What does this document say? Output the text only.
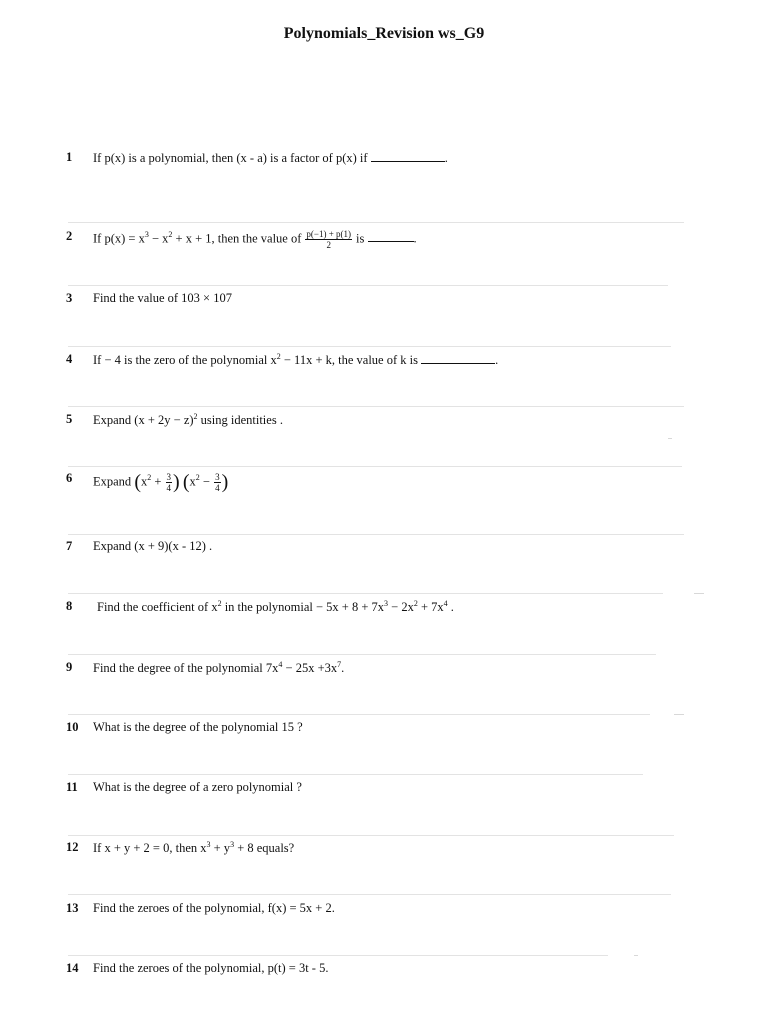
Polynomials_Revision ws_G9
1 If p(x) is a polynomial, then (x - a) is a factor of p(x) if	.
2 If $p(x) = x^3 - x^2 + x + 1$, then the value of $\frac{p(-1) + p(1)}{2}$ is	.
3 Find the value of 103 × 107
4 If − 4 is the zero of the polynomial $x^2 - 11x + k$, the value of k is	.
5 Expand $(x + 2y - z)^2$ using identities .
6 Expand ($x^2 + \frac{3}{4}$ ) ($x^2 - \frac{3}{4}$ )
7 Expand (x + 9)(x - 12) .
8 Find the coefficient of $x^2$ in the polynomial − $5x + 8 + 7x^3 - 2x^2 + 7x^4$ .
9 Find the degree of the polynomial $7x^4 - 25x +3x^7$.
10 What is the degree of the polynomial 15 ?
11 What is the degree of a zero polynomial ?
12 If x + y + 2 = 0, then $x^3 + y^3 + 8$ equals?
13 Find the zeroes of the polynomial, f(x) = 5x + 2.
14 Find the zeroes of the polynomial, p(t) = 3t - 5.
